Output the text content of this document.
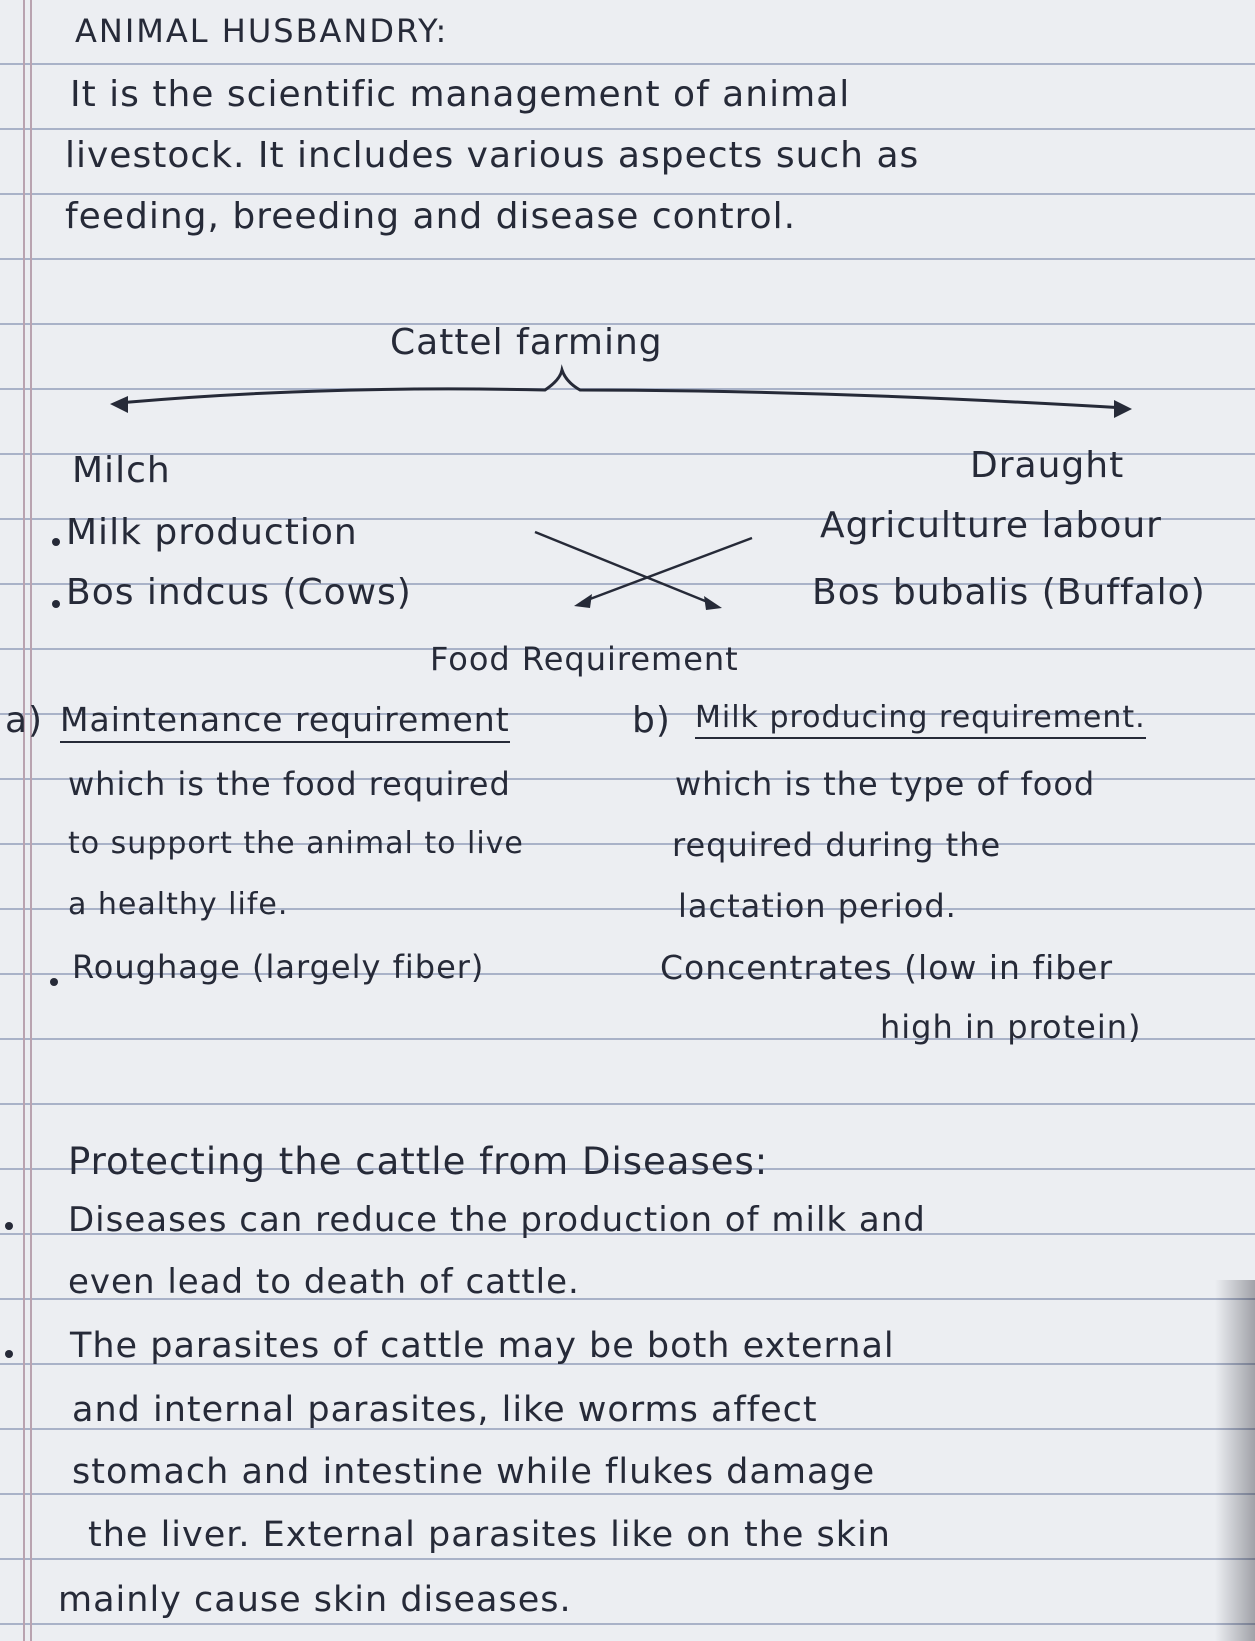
ANIMAL HUSBANDRY:
It is the scientific management of animal
livestock. It includes various aspects such as
feeding, breeding and disease control.
Cattel farming
Milch
Milk production
Bos indcus (Cows)
Draught
Agriculture labour
Bos bubalis (Buffalo)
Food Requirement
a) Maintenance requirement	b) Milk producing requirement.
which is the food required
to support the animal to live
a healthy life.
Roughage (largely fiber)
which is the type of food
required during the
lactation period.
Concentrates (low in fiber
high in protein)
Protecting the cattle from Diseases:
Diseases can reduce the production of milk and
even lead to death of cattle.
The parasites of cattle may be both external
and internal parasites, like worms affect
stomach and intestine while flukes damage
the liver. External parasites like on the skin
mainly cause skin diseases.
